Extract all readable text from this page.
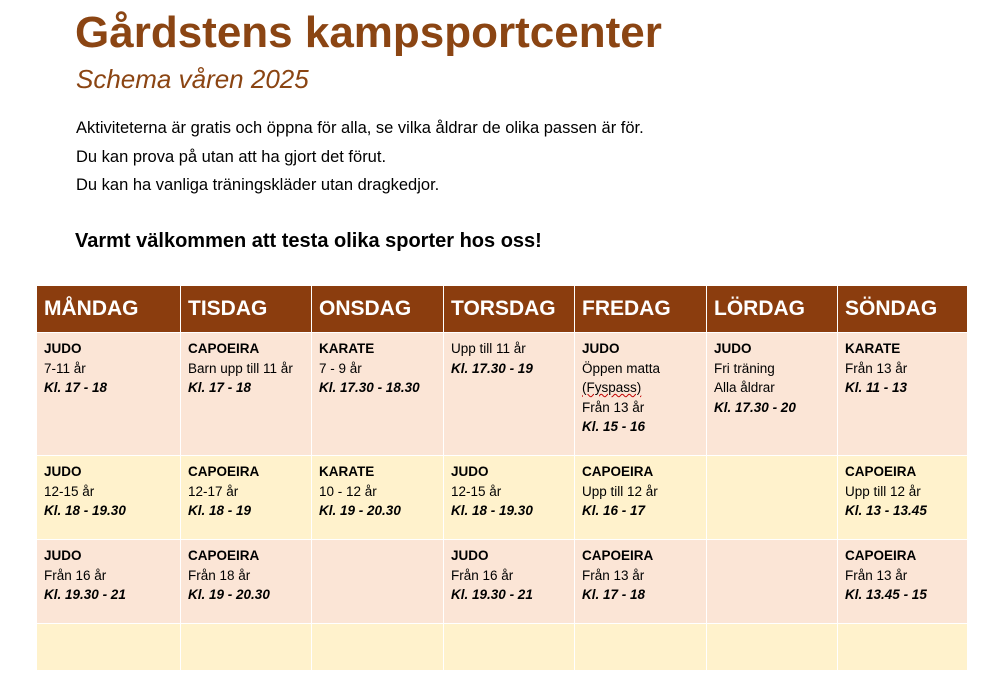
Gårdstens kampsportcenter
Schema våren 2025
Aktiviteterna är gratis och öppna för alla, se vilka åldrar de olika passen är för.
Du kan prova på utan att ha gjort det förut.
Du kan ha vanliga träningskläder utan dragkedjor.
Varmt välkommen att testa olika sporter hos oss!
MÅNDAG	TISDAG	ONSDAG	TORSDAG	FREDAG	LÖRDAG	SÖNDAG

JUDO
7-11 år
Kl. 17 - 18	CAPOEIRA
Barn upp till 11 år
Kl. 17 - 18	KARATE
7 - 9 år
Kl. 17.30 - 18.30	Upp till 11 år
Kl. 17.30 - 19	JUDO
Öppen matta
(Fyspass)
Från 13 år
Kl. 15 - 16	JUDO
Fri träning
Alla åldrar
Kl. 17.30 - 20	KARATE
Från 13 år
Kl. 11 - 13

JUDO
12-15 år
Kl. 18 - 19.30	CAPOEIRA
12-17 år
Kl. 18 - 19	KARATE
10 - 12 år
Kl. 19 - 20.30	JUDO
12-15 år
Kl. 18 - 19.30	CAPOEIRA
Upp till 12 år
Kl. 16 - 17		CAPOEIRA
Upp till 12 år
Kl. 13 - 13.45

JUDO
Från 16 år
Kl. 19.30 - 21	CAPOEIRA
Från 18 år
Kl. 19 - 20.30		JUDO
Från 16 år
Kl. 19.30 - 21	CAPOEIRA
Från 13 år
Kl. 17 - 18		CAPOEIRA
Från 13 år
Kl. 13.45 - 15
